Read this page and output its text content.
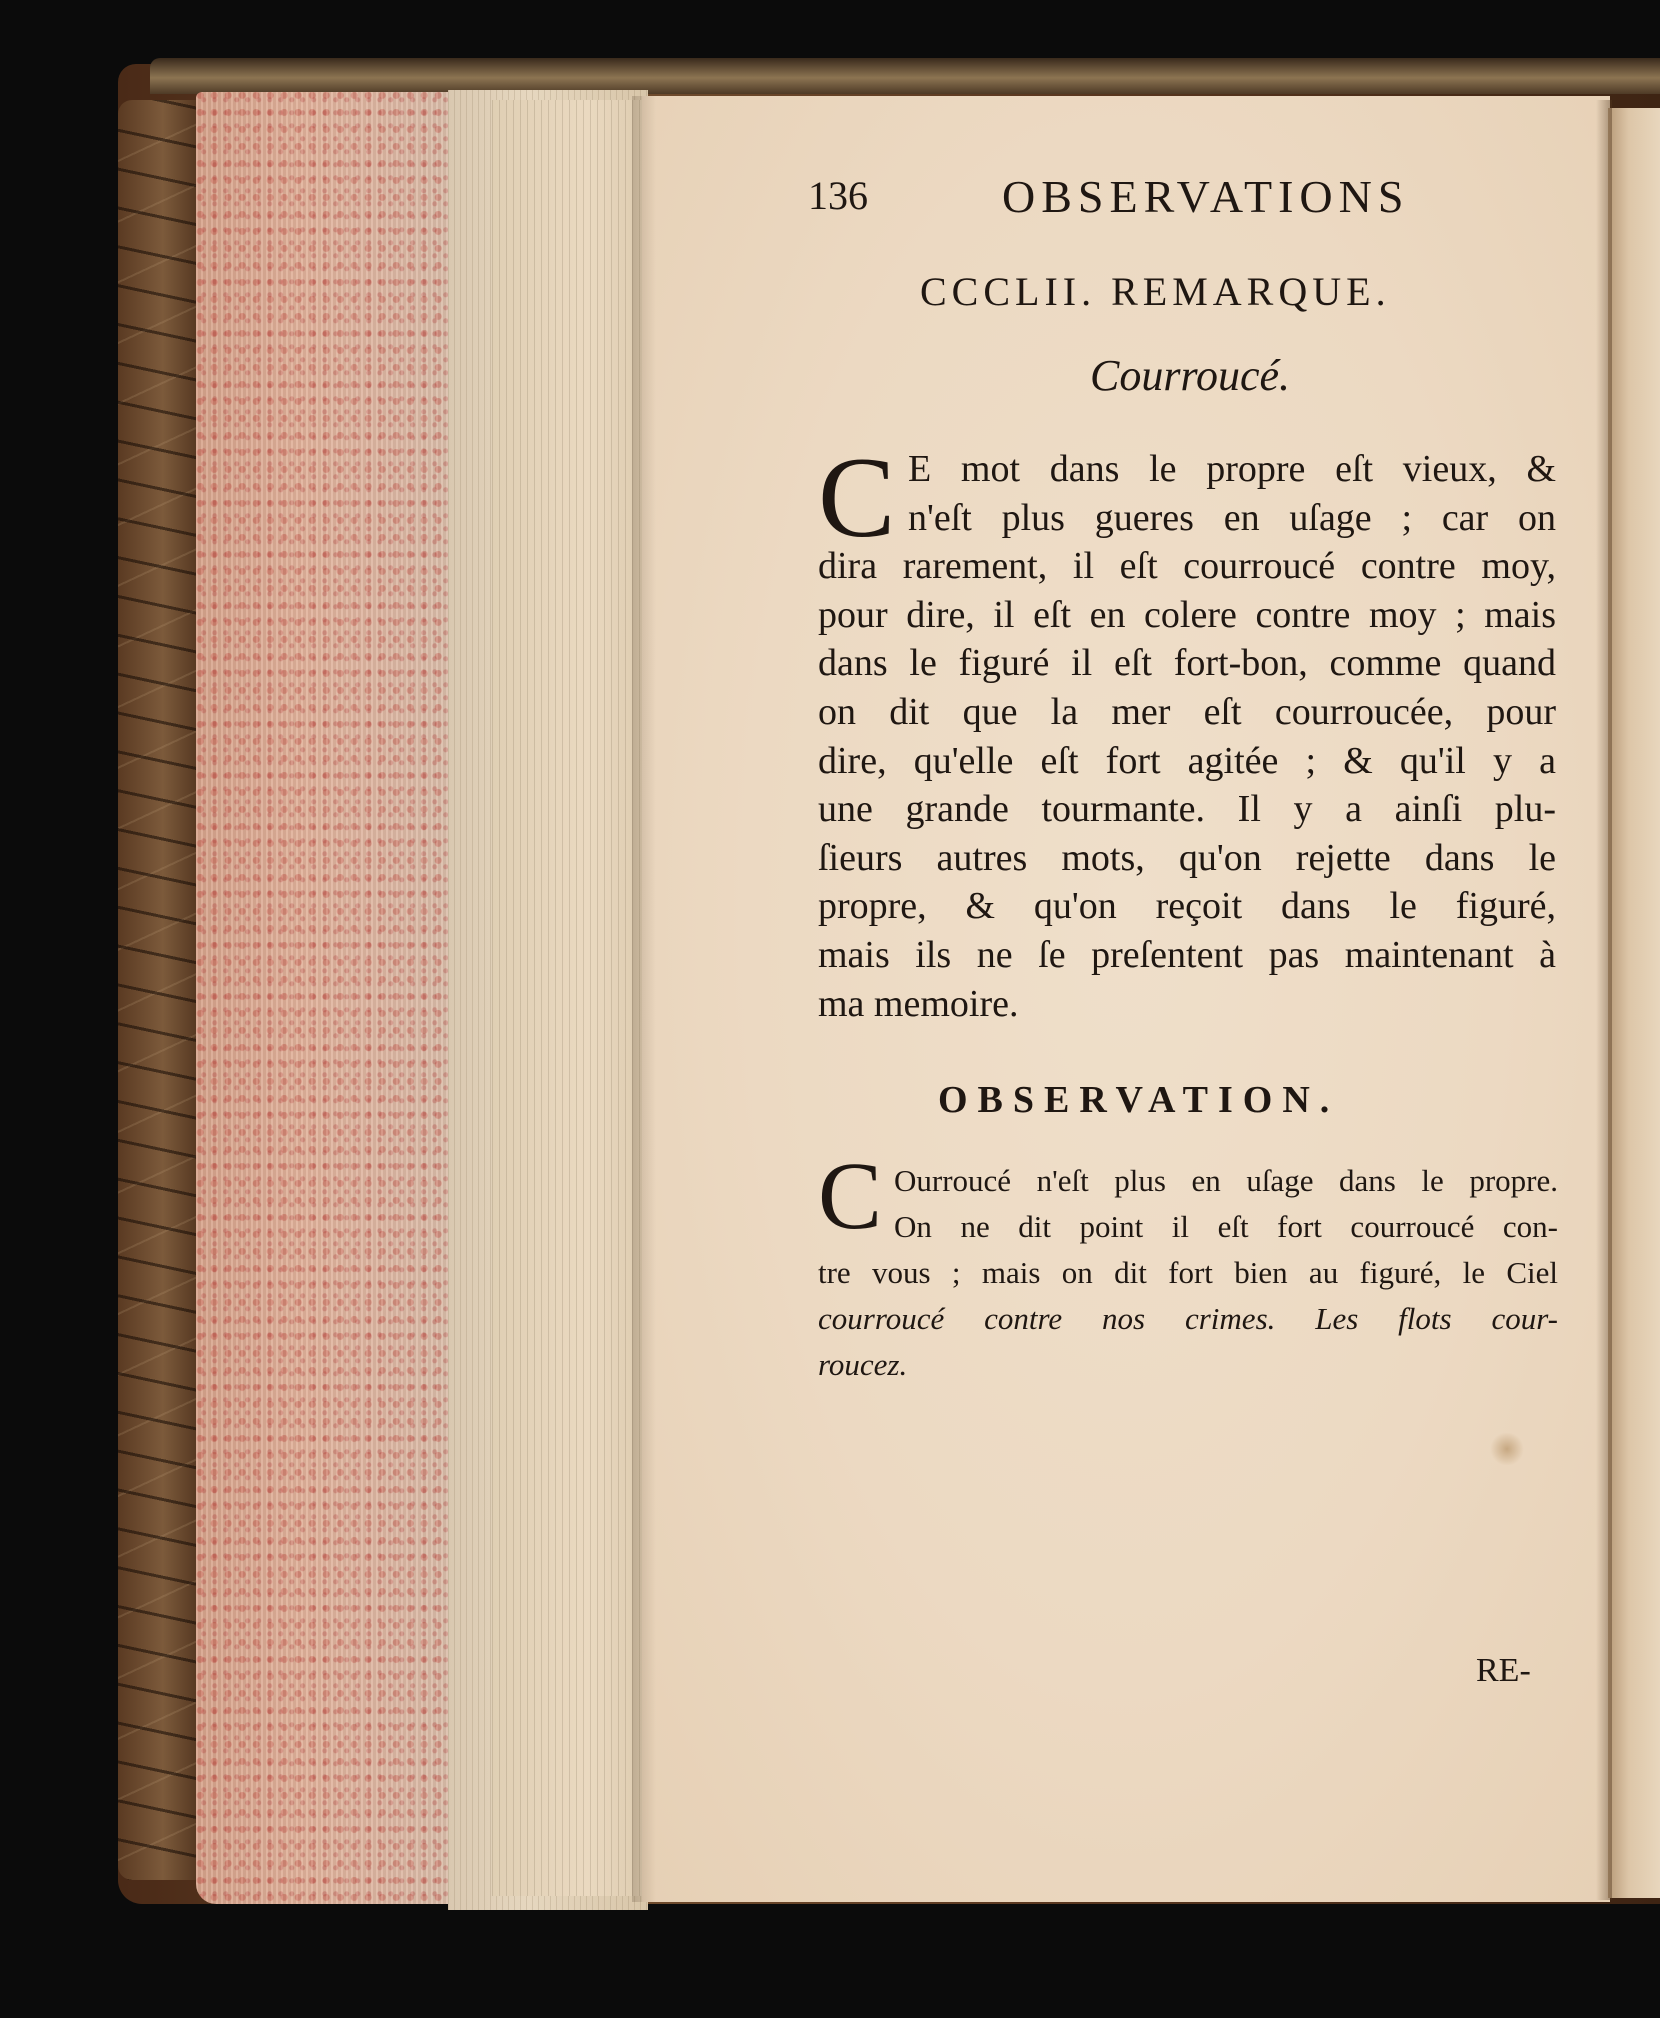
136	OBSERVATIONS
CCCLII. REMARQUE.
Courroucé.
C E mot dans le propre eſt vieux, &
n'eſt plus gueres en uſage ; car on
dira rarement, il eſt courroucé contre moy,
pour dire, il eſt en colere contre moy ; mais
dans le figuré il eſt fort-bon, comme quand
on dit que la mer eſt courroucée, pour
dire, qu'elle eſt fort agitée ; & qu'il y a
une grande tourmante. Il y a ainſi plu-
ſieurs autres mots, qu'on rejette dans le
propre, & qu'on reçoit dans le figuré,
mais ils ne ſe preſentent pas maintenant à
ma memoire.
OBSERVATION.
C Ourroucé n'eſt plus en uſage dans le propre.
On ne dit point il eſt fort courroucé con-
tre vous ; mais on dit fort bien au figuré, le Ciel
courroucé contre nos crimes. Les flots cour-
roucez.
RE-
